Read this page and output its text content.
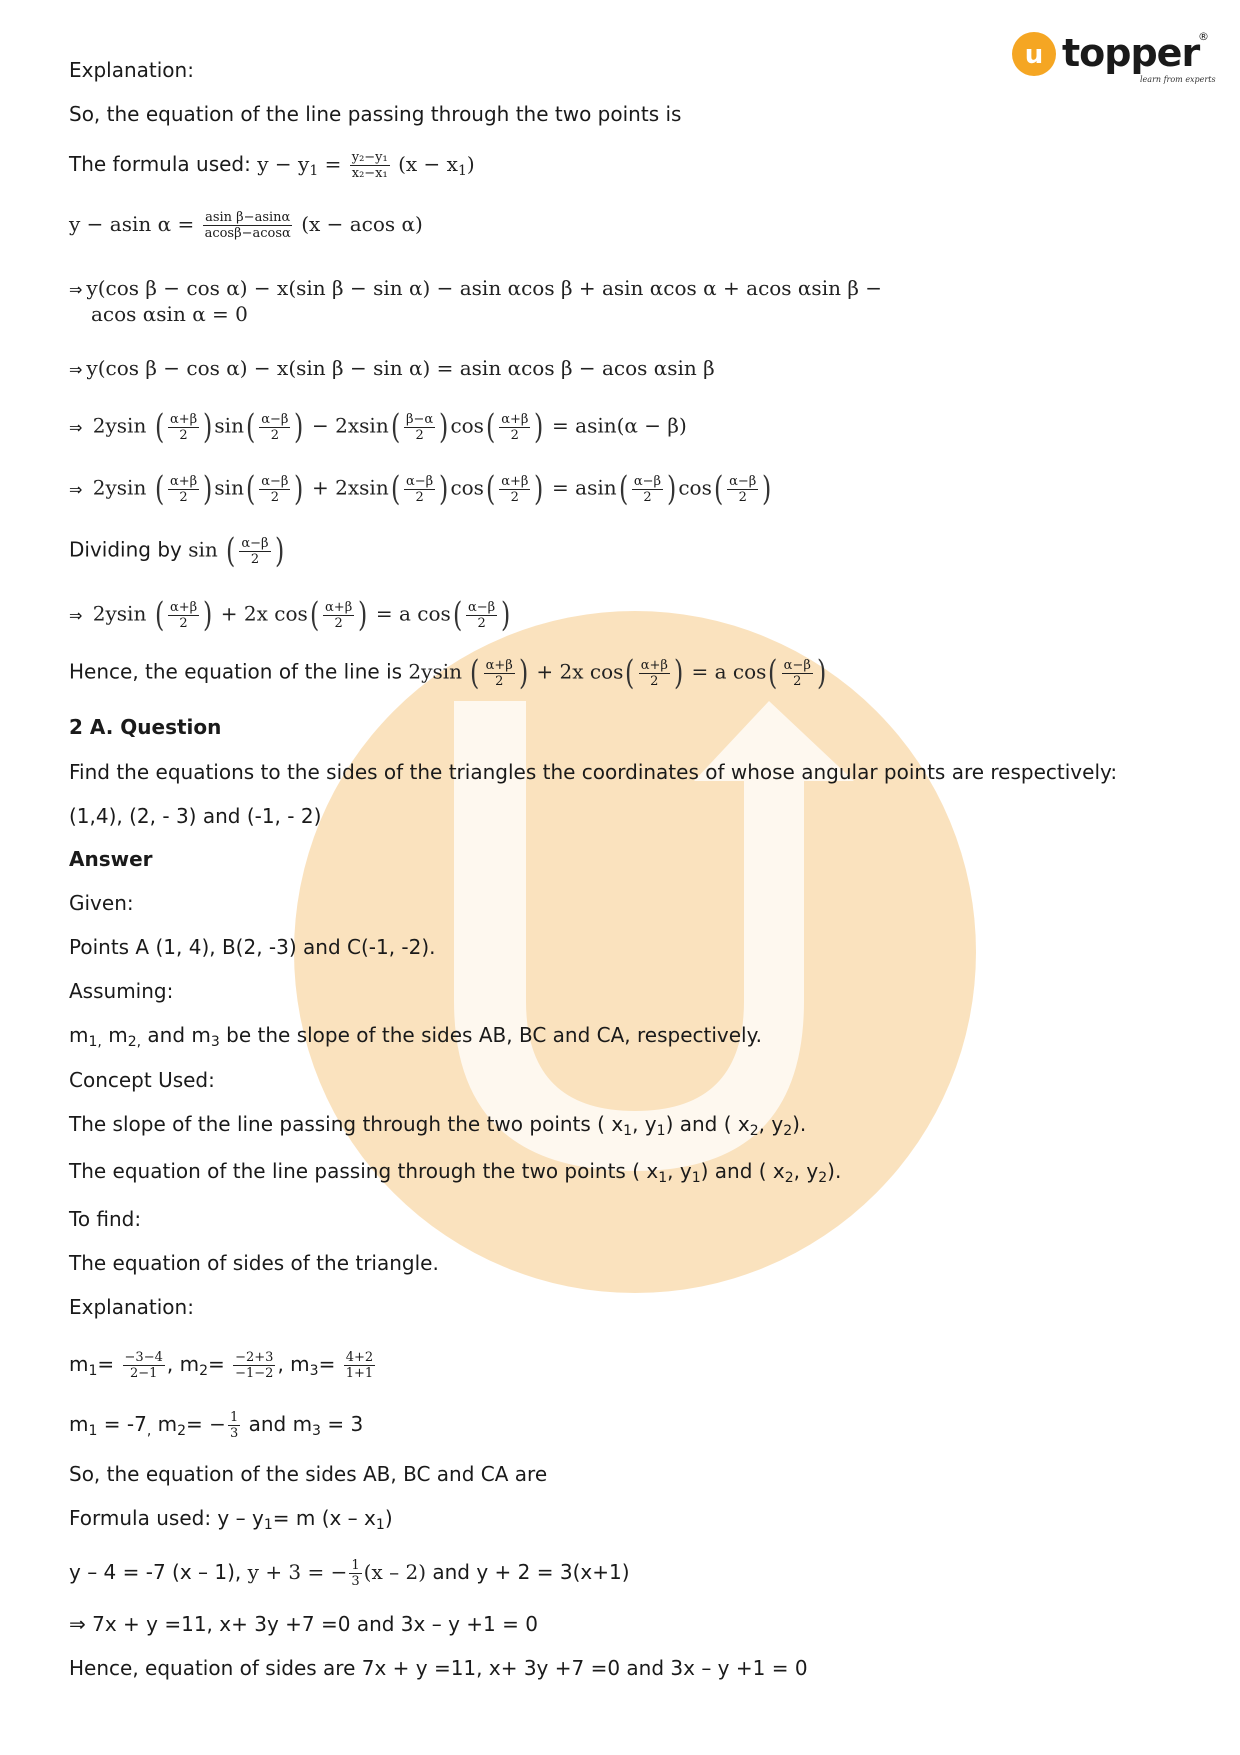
u topper
®
learn from experts
Explanation:
So, the equation of the line passing through the two points is
The formula used: $y - y_1 = \frac{\text{y₂−y₁}}{\text{x₂−x₁}} (x - x_1)$
y − asin $\alpha = \frac{\text{asin β−asinα}}{acos\beta-acos\alpha} (x - acos$ α)
⇒ y(cos β − cos α) − x(sin β − sin α) − asin αcos β + asin αcos α + acos αsin β −
acos αsin α = 0
⇒ y(cos β − cos α) − x(sin β − sin α) = asin αcos β − acos αsin β
⇒ 2ysin ( $\frac{\alpha+\beta}{2}$ ) sin ( $\frac{\alpha-\beta}{2}$ ) − 2xsin ( $\frac{\beta-\alpha}{2}$ ) cos ( $\frac{\alpha+\beta}{2}$ ) = asin(α − β)
⇒ 2ysin ( $\frac{\alpha+\beta}{2}$ ) sin ( $\frac{\alpha-\beta}{2}$ ) + 2xsin ( $\frac{\alpha-\beta}{2}$ ) cos ( $\frac{\alpha+\beta}{2}$ ) = asin ( $\frac{\alpha-\beta}{2}$ ) cos ( $\frac{\alpha-\beta}{2}$ )
Dividing by sin ( $\frac{\alpha-\beta}{2}$ )
⇒ 2ysin ( $\frac{\alpha+\beta}{2}$ ) + 2x cos ( $\frac{\alpha+\beta}{2}$ ) = a cos ( $\frac{\alpha-\beta}{2}$ )
Hence, the equation of the line is 2ysin ( $\frac{\alpha+\beta}{2}$ ) + 2x cos ( $\frac{\alpha+\beta}{2}$ ) = a cos ( $\frac{\alpha-\beta}{2}$ )
2 A. Question
Find the equations to the sides of the triangles the coordinates of whose angular points are respectively:
(1,4), (2, - 3) and (-1, - 2)
Answer
Given:
Points A (1, 4), B(2, -3) and C(-1, -2).
Assuming:
$m_{1,}$ $m_{2,}$ and $m_3$ be the slope of the sides AB, BC and CA, respectively.
Concept Used:
The slope of the line passing through the two points ( $x_1$, $y_1$) and ( $x_2$, $y_2$).
The equation of the line passing through the two points ( $x_1$, $y_1$) and ( $x_2$, $y_2$).
To find:
The equation of sides of the triangle.
Explanation:
$m_1= \frac{-3-4}{2-1}$ , $m_2= \frac{-2+3}{-1-2}$ , $m_3= \frac{4+2}{1+1}$
$m_1 = -7_,$ $m_2= - \frac{1}{3}$ and $m_3 = 3$
So, the equation of the sides AB, BC and CA are
Formula used: $y - y_1= m$ $(x - x_1)$
y – 4 = -7 (x – 1), y + 3 = − $\frac{1}{3} (x - 2)$ and y + 2 = 3(x+1)
⇒ 7x + y =11, x+ 3y +7 =0 and 3x – y +1 = 0
Hence, equation of sides are 7x + y =11, x+ 3y +7 =0 and 3x – y +1 = 0
